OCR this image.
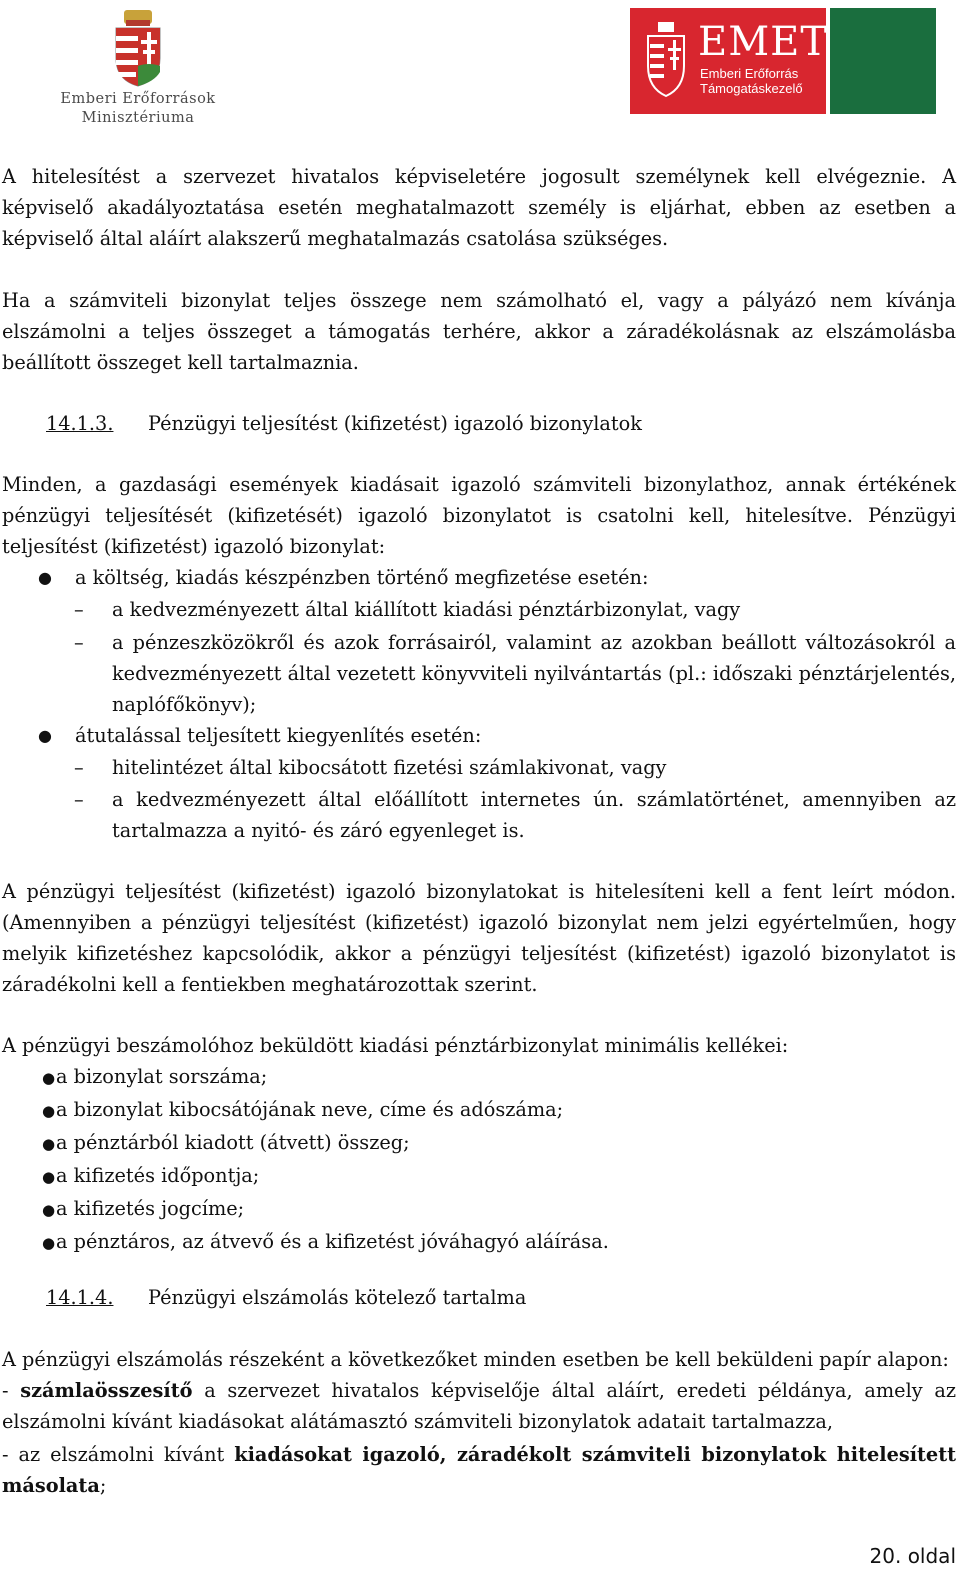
Emberi Erőforrások
Minisztériuma
EMET
Emberi Erőforrás
Támogatáskezelő

A hitelesítést a szervezet hivatalos képviseletére jogosult személynek kell elvégeznie. A képviselő akadályoztatása esetén meghatalmazott személy is eljárhat, ebben az esetben a képviselő által aláírt alakszerű meghatalmazás csatolása szükséges.

Ha a számviteli bizonylat teljes összege nem számolható el, vagy a pályázó nem kívánja elszámolni a teljes összeget a támogatás terhére, akkor a záradékolásnak az elszámolásba beállított összeget kell tartalmaznia.

14.1.3. Pénzügyi teljesítést (kifizetést) igazoló bizonylatok

Minden, a gazdasági események kiadásait igazoló számviteli bizonylathoz, annak értékének pénzügyi teljesítését (kifizetését) igazoló bizonylatot is csatolni kell, hitelesítve. Pénzügyi teljesítést (kifizetést) igazoló bizonylat:

● a költség, kiadás készpénzben történő megfizetése esetén:
– a kedvezményezett által kiállított kiadási pénztárbizonylat, vagy
– a pénzeszközökről és azok forrásairól, valamint az azokban beállott változásokról a kedvezményezett által vezetett könyvviteli nyilvántartás (pl.: időszaki pénztárjelentés, naplófőkönyv);
● átutalással teljesített kiegyenlítés esetén:
– hitelintézet által kibocsátott fizetési számlakivonat, vagy
– a kedvezményezett által előállított internetes ún. számlatörténet, amennyiben az tartalmazza a nyitó- és záró egyenleget is.

A pénzügyi teljesítést (kifizetést) igazoló bizonylatokat is hitelesíteni kell a fent leírt módon. (Amennyiben a pénzügyi teljesítést (kifizetést) igazoló bizonylat nem jelzi egyértelműen, hogy melyik kifizetéshez kapcsolódik, akkor a pénzügyi teljesítést (kifizetést) igazoló bizonylatot is záradékolni kell a fentiekben meghatározottak szerint.

A pénzügyi beszámolóhoz beküldött kiadási pénztárbizonylat minimális kellékei:

●a bizonylat sorszáma;
●a bizonylat kibocsátójának neve, címe és adószáma;
●a pénztárból kiadott (átvett) összeg;
●a kifizetés időpontja;
●a kifizetés jogcíme;
●a pénztáros, az átvevő és a kifizetést jóváhagyó aláírása.
14.1.4. Pénzügyi elszámolás kötelező tartalma

A pénzügyi elszámolás részeként a következőket minden esetben be kell beküldeni papír alapon:

- számlaösszesítő a szervezet hivatalos képviselője által aláírt, eredeti példánya, amely az elszámolni kívánt kiadásokat alátámasztó számviteli bizonylatok adatait tartalmazza,

- az elszámolni kívánt kiadásokat igazoló, záradékolt számviteli bizonylatok hitelesített másolata;

20. oldal
